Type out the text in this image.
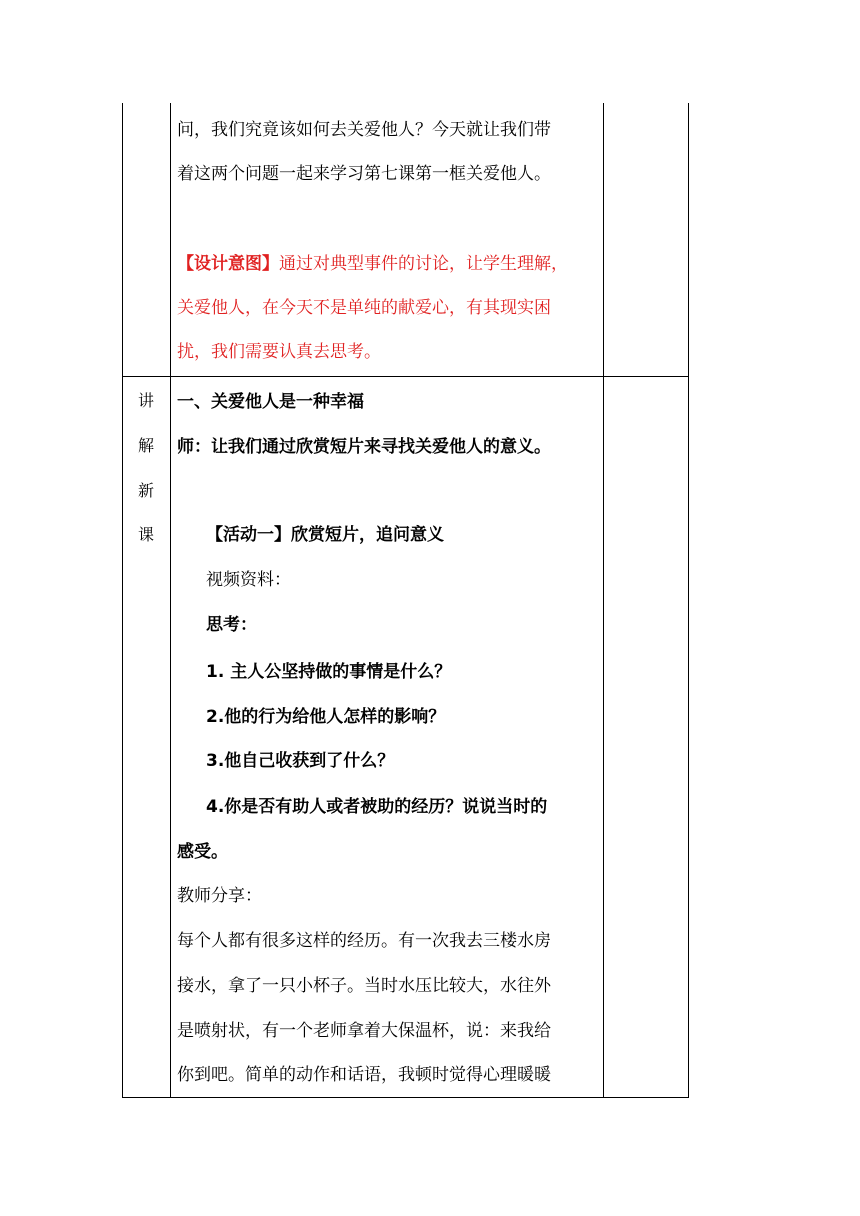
问，我们究竟该如何去关爱他人？今天就让我们带
着这两个问题一起来学习第七课第一框关爱他人。
【设计意图】通过对典型事件的讨论，让学生理解，
关爱他人，在今天不是单纯的献爱心，有其现实困
扰，我们需要认真去思考。
讲
解
新
课
一、关爱他人是一种幸福
师：让我们通过欣赏短片来寻找关爱他人的意义。
【活动一】欣赏短片，追问意义
视频资料：
思考：
1. 主人公坚持做的事情是什么？
2.他的行为给他人怎样的影响？
3.他自己收获到了什么？
4.你是否有助人或者被助的经历？说说当时的
感受。
教师分享：
每个人都有很多这样的经历。有一次我去三楼水房
接水，拿了一只小杯子。当时水压比较大，水往外
是喷射状，有一个老师拿着大保温杯，说：来我给
你到吧。简单的动作和话语，我顿时觉得心理暖暖
